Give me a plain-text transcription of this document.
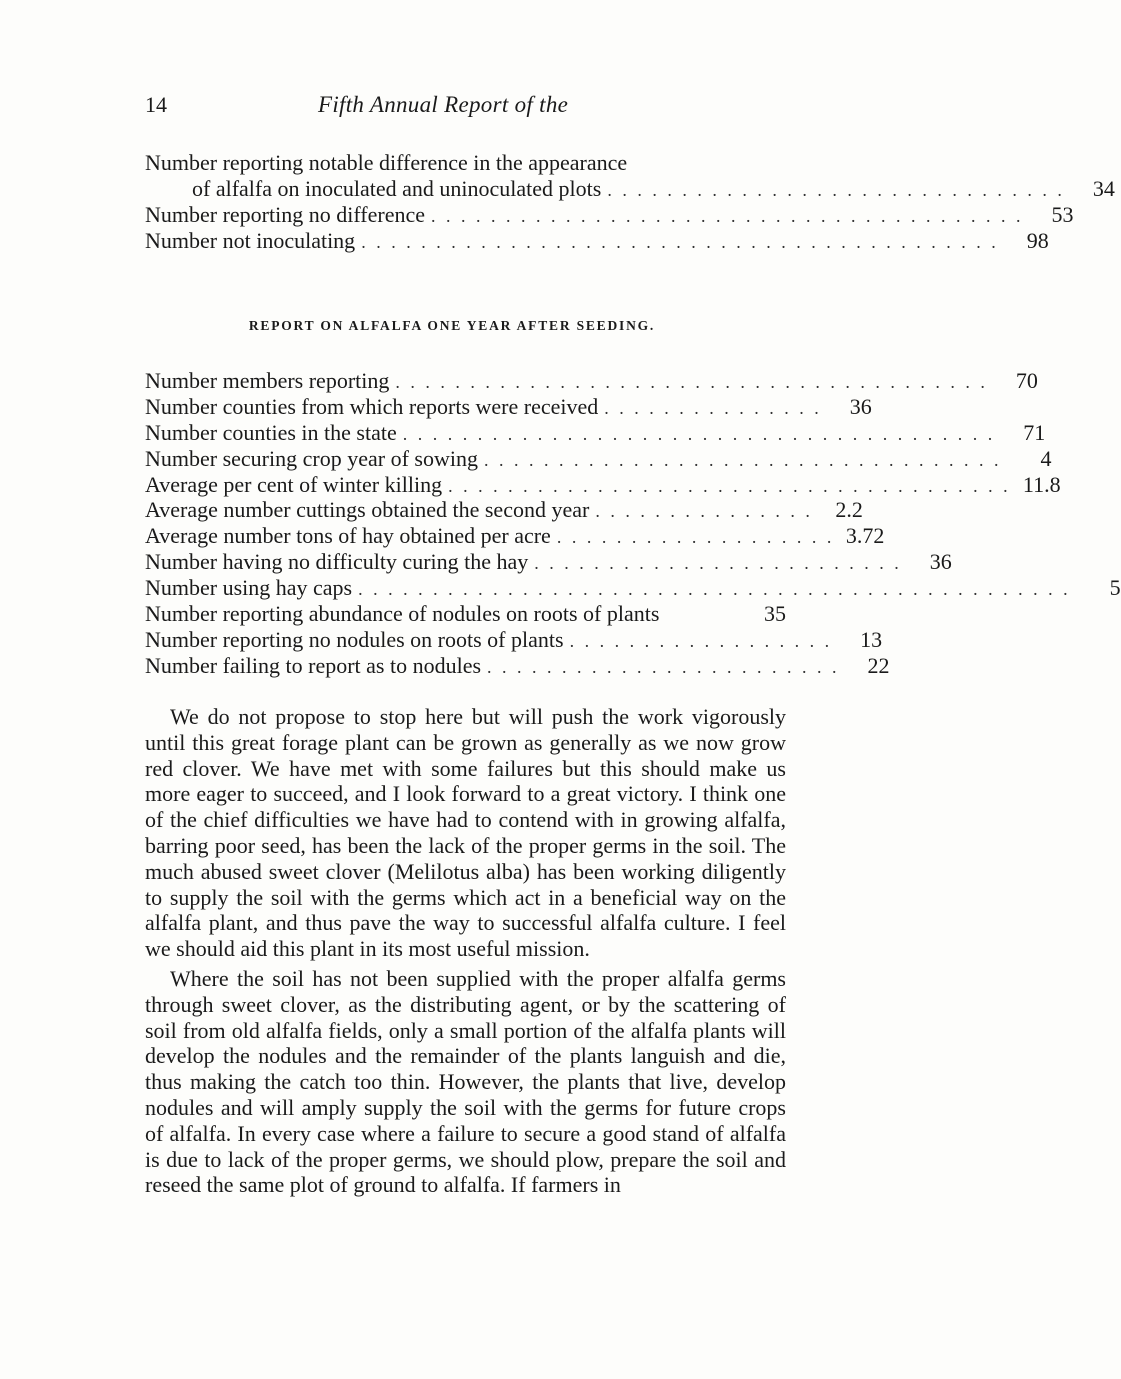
14	Fifth Annual Report of the
Number reporting notable difference in the appearance
of alfalfa on inoculated and uninoculated plots . . . . . . . . . . . . . . . . . . . . . . . . . . . . . . .	34
Number reporting no difference . . . . . . . . . . . . . . . . . . . . . . . . . . . . . . . . . . . . . . . .	53
Number not inoculating . . . . . . . . . . . . . . . . . . . . . . . . . . . . . . . . . . . . . . . . . . .	98
REPORT ON ALFALFA ONE YEAR AFTER SEEDING.
Number members reporting . . . . . . . . . . . . . . . . . . . . . . . . . . . . . . . . . . . . . . . .	70
Number counties from which reports were received . . . . . . . . . . . . . . .	36
Number counties in the state . . . . . . . . . . . . . . . . . . . . . . . . . . . . . . . . . . . . . . . .	71
Number securing crop year of sowing . . . . . . . . . . . . . . . . . . . . . . . . . . . . . . . . . . .	4
Average per cent of winter killing . . . . . . . . . . . . . . . . . . . . . . . . . . . . . . . . . . . . . . 11.8
Average number cuttings obtained the second year . . . . . . . . . . . . . . .	2.2
Average number tons of hay obtained per acre . . . . . . . . . . . . . . . . . . . 3.72
Number having no difficulty curing the hay . . . . . . . . . . . . . . . . . . . . . . . . .	36
Number using hay caps . . . . . . . . . . . . . . . . . . . . . . . . . . . . . . . . . . . . . . . . . . . . . . . .	5
Number reporting abundance of nodules on roots of plants	35
Number reporting no nodules on roots of plants . . . . . . . . . . . . . . . . . .	13
Number failing to report as to nodules . . . . . . . . . . . . . . . . . . . . . . . .	22

We do not propose to stop here but will push the work vigorously until this great forage plant can be grown as generally as we now grow red clover. We have met with some failures but this should make us more eager to succeed, and I look forward to a great victory. I think one of the chief difficulties we have had to contend with in growing alfalfa, barring poor seed, has been the lack of the proper germs in the soil. The much abused sweet clover (Melilotus alba) has been working diligently to supply the soil with the germs which act in a beneficial way on the alfalfa plant, and thus pave the way to successful alfalfa culture. I feel we should aid this plant in its most useful mission.

Where the soil has not been supplied with the proper alfalfa germs through sweet clover, as the distributing agent, or by the scattering of soil from old alfalfa fields, only a small portion of the alfalfa plants will develop the nodules and the remainder of the plants languish and die, thus making the catch too thin. However, the plants that live, develop nodules and will amply supply the soil with the germs for future crops of alfalfa. In every case where a failure to secure a good stand of alfalfa is due to lack of the proper germs, we should plow, prepare the soil and reseed the same plot of ground to alfalfa. If farmers in
